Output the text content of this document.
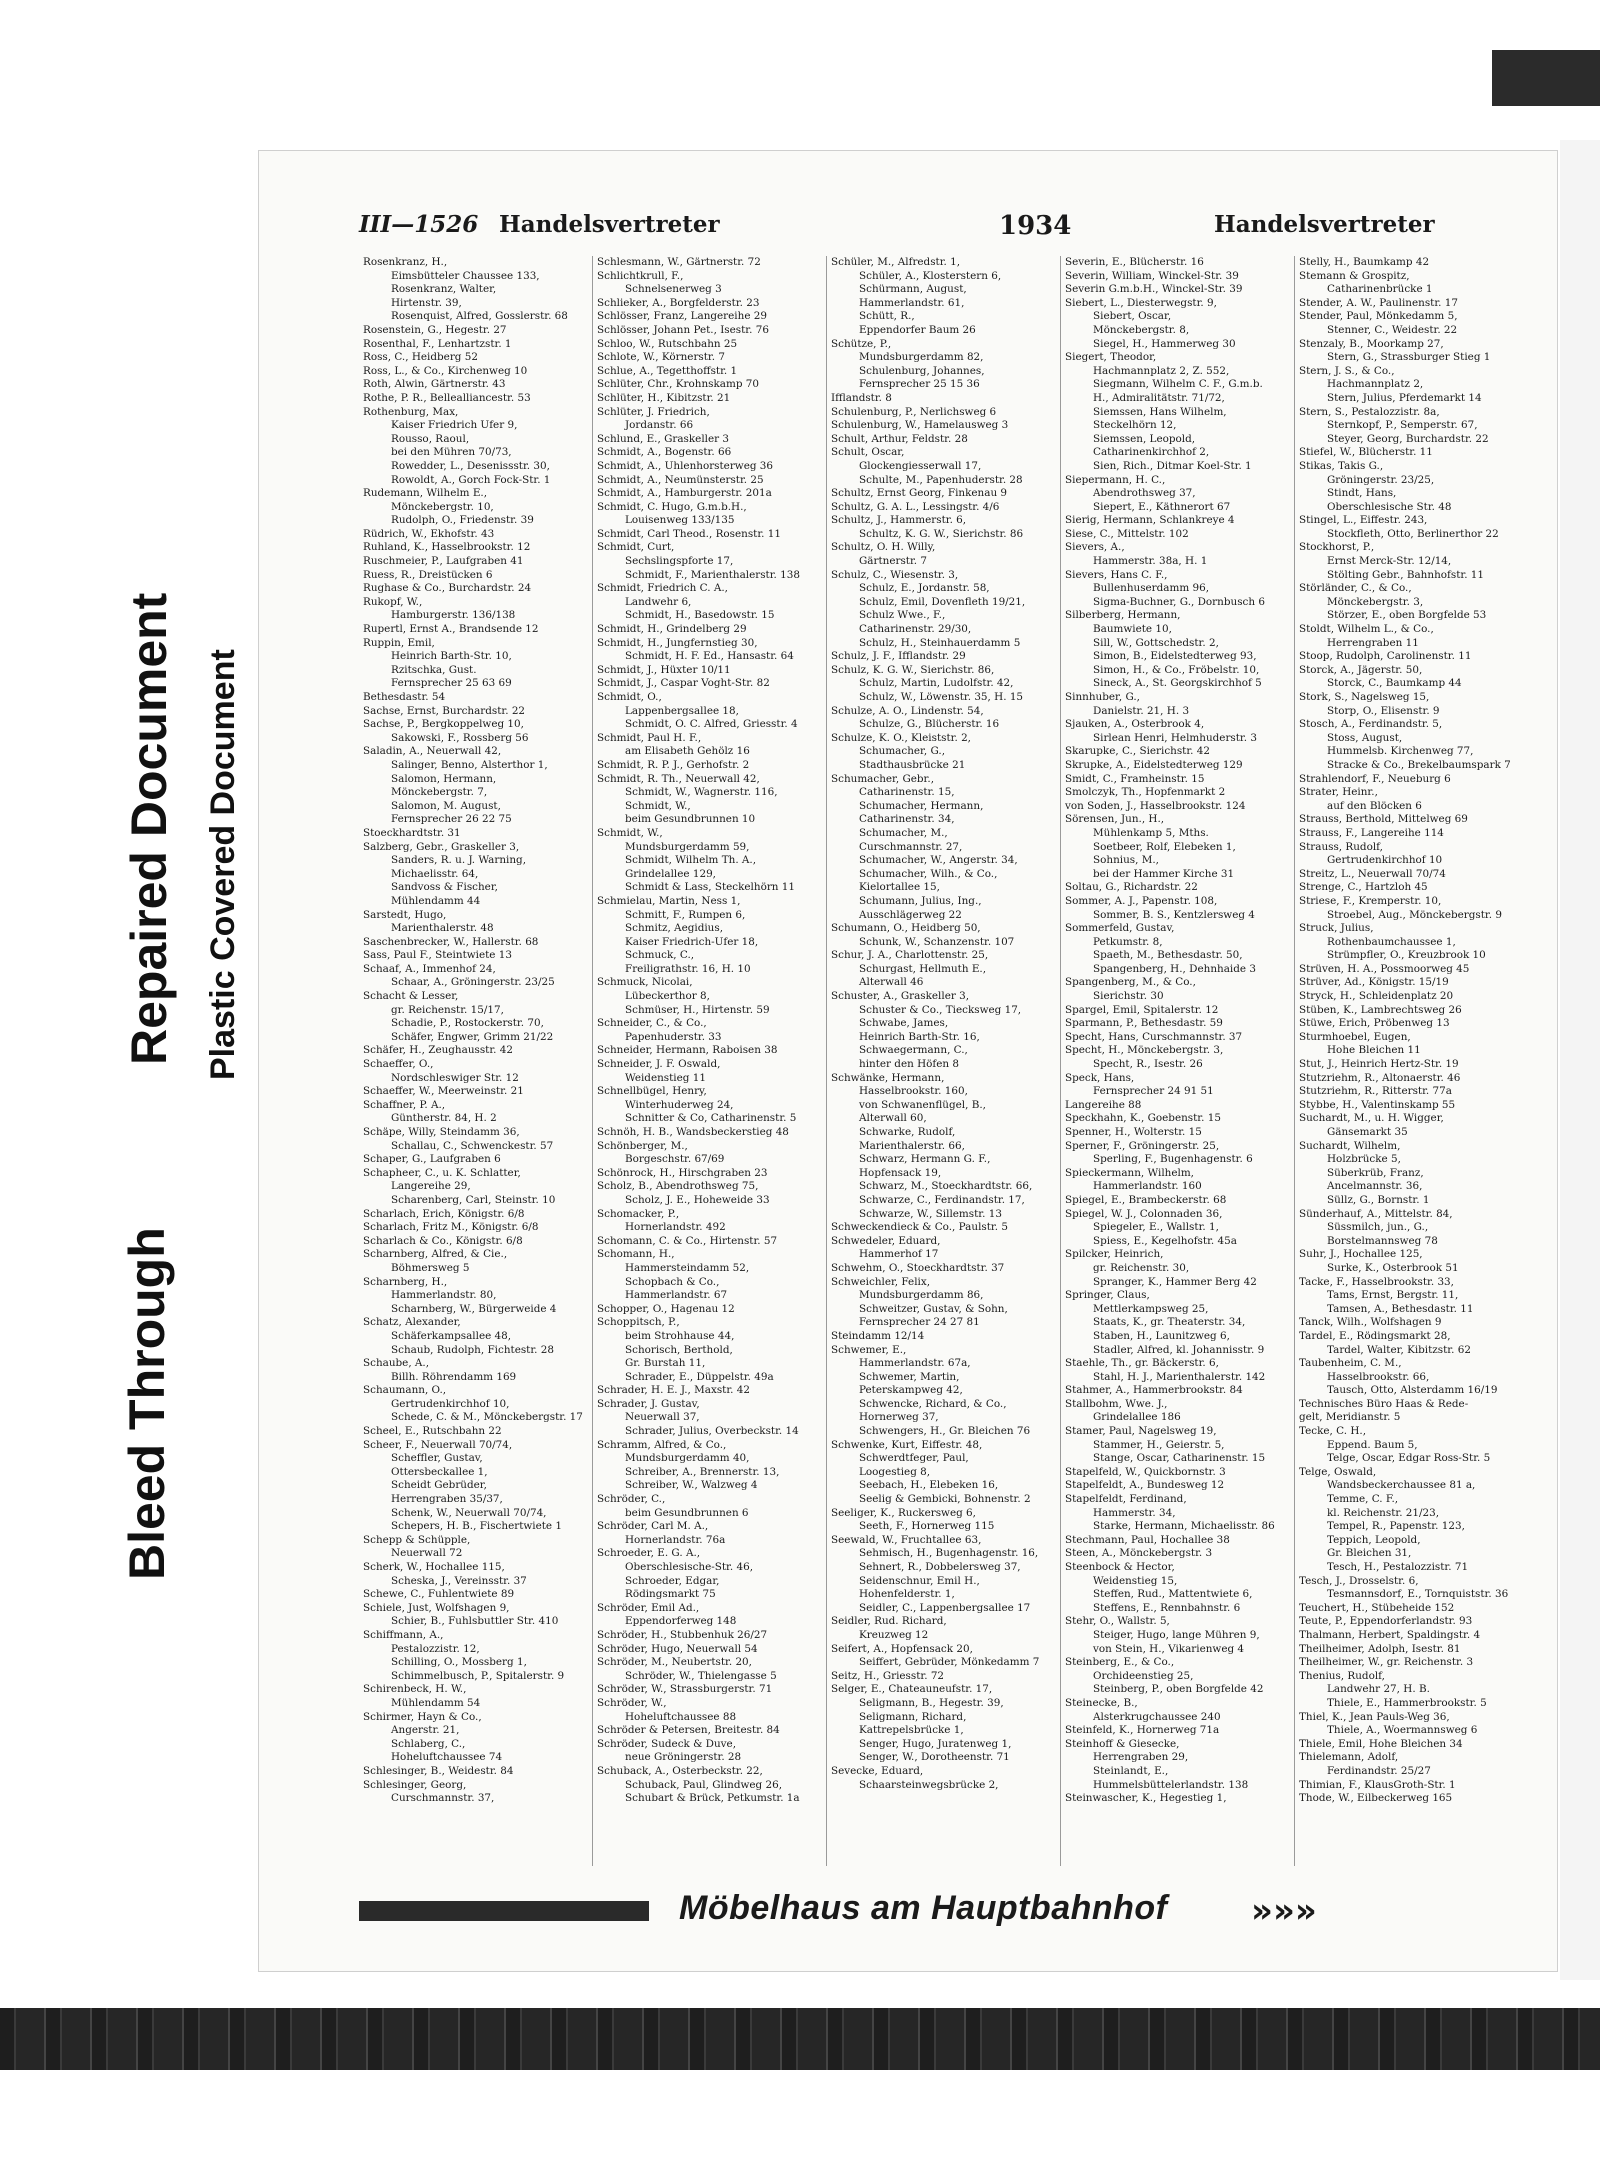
Bleed Through
Repaired Document Plastic Covered Document
III—1526 Handelsvertreter	1934	Handelsvertreter
Rosenkranz, H.,
Eimsbütteler Chaussee 133,
Rosenkranz, Walter,
Hirtenstr. 39,
Rosenquist, Alfred, Gosslerstr. 68
Rosenstein, G., Hegestr. 27
Rosenthal, F., Lenhartzstr. 1
Ross, C., Heidberg 52
Ross, L., & Co., Kirchenweg 10
Roth, Alwin, Gärtnerstr. 43
Rothe, P. R., Bellealliancestr. 53
Rothenburg, Max,
Kaiser Friedrich Ufer 9,
Rousso, Raoul,
bei den Mühren 70/73,
Rowedder, L., Desenissstr. 30,
Rowoldt, A., Gorch Fock-Str. 1
Rudemann, Wilhelm E.,
Mönckebergstr. 10,
Rudolph, O., Friedenstr. 39
Rüdrich, W., Ekhofstr. 43
Ruhland, K., Hasselbrookstr. 12
Ruschmeier, P., Laufgraben 41
Ruess, R., Dreistücken 6
Rughase & Co., Burchardstr. 24
Rukopf, W.,
Hamburgerstr. 136/138
Rupertl, Ernst A., Brandsende 12
Ruppin, Emil,
Heinrich Barth-Str. 10,
Rzitschka, Gust.
Fernsprecher 25 63 69
Bethesdastr. 54
Sachse, Ernst, Burchardstr. 22
Sachse, P., Bergkoppelweg 10,
Sakowski, F., Rossberg 56
Saladin, A., Neuerwall 42,
Salinger, Benno, Alsterthor 1,
Salomon, Hermann,
Mönckebergstr. 7,
Salomon, M. August,
Fernsprecher 26 22 75
Stoeckhardtstr. 31
Salzberg, Gebr., Graskeller 3,
Sanders, R. u. J. Warning,
Michaelisstr. 64,
Sandvoss & Fischer,
Mühlendamm 44
Sarstedt, Hugo,
Marienthalerstr. 48
Saschenbrecker, W., Hallerstr. 68
Sass, Paul F., Steintwiete 13
Schaaf, A., Immenhof 24,
Schaar, A., Gröningerstr. 23/25
Schacht & Lesser,
gr. Reichenstr. 15/17,
Schadie, P., Rostockerstr. 70,
Schäfer, Engwer, Grimm 21/22
Schäfer, H., Zeughausstr. 42
Schaeffer, O.,
Nordschleswiger Str. 12
Schaeffer, W., Meerweinstr. 21
Schaffner, P. A.,
Güntherstr. 84, H. 2
Schäpe, Willy, Steindamm 36,
Schallau, C., Schwenckestr. 57
Schaper, G., Laufgraben 6
Schapheer, C., u. K. Schlatter,
Langereihe 29,
Scharenberg, Carl, Steinstr. 10
Scharlach, Erich, Königstr. 6/8
Scharlach, Fritz M., Königstr. 6/8
Scharlach & Co., Königstr. 6/8
Scharnberg, Alfred, & Cie.,
Böhmersweg 5
Scharnberg, H.,
Hammerlandstr. 80,
Scharnberg, W., Bürgerweide 4
Schatz, Alexander,
Schäferkampsallee 48,
Schaub, Rudolph, Fichtestr. 28
Schaube, A.,
Billh. Röhrendamm 169
Schaumann, O.,
Gertrudenkirchhof 10,
Schede, C. & M., Mönckebergstr. 17
Scheel, E., Rutschbahn 22
Scheer, F., Neuerwall 70/74,
Scheffler, Gustav,
Ottersbeckallee 1,
Scheidt Gebrüder,
Herrengraben 35/37,
Schenk, W., Neuerwall 70/74,
Schepers, H. B., Fischertwiete 1
Schepp & Schüpple,
Neuerwall 72
Scherk, W., Hochallee 115,
Scheska, J., Vereinsstr. 37
Schewe, C., Fuhlentwiete 89
Schiele, Just, Wolfshagen 9,
Schier, B., Fuhlsbuttler Str. 410
Schiffmann, A.,
Pestalozzistr. 12,
Schilling, O., Mossberg 1,
Schimmelbusch, P., Spitalerstr. 9
Schirenbeck, H. W.,
Mühlendamm 54
Schirmer, Hayn & Co.,
Angerstr. 21,
Schlaberg, C.,
Hoheluftchaussee 74
Schlesinger, B., Weidestr. 84
Schlesinger, Georg,
Curschmannstr. 37,
Schlesmann, W., Gärtnerstr. 72
Schlichtkrull, F.,
Schnelsenerweg 3
Schlieker, A., Borgfelderstr. 23
Schlösser, Franz, Langereihe 29
Schlösser, Johann Pet., Isestr. 76
Schloo, W., Rutschbahn 25
Schlote, W., Körnerstr. 7
Schlue, A., Tegetthoffstr. 1
Schlüter, Chr., Krohnskamp 70
Schlüter, H., Kibitzstr. 21
Schlüter, J. Friedrich,
Jordanstr. 66
Schlund, E., Graskeller 3
Schmidt, A., Bogenstr. 66
Schmidt, A., Uhlenhorsterweg 36
Schmidt, A., Neumünsterstr. 25
Schmidt, A., Hamburgerstr. 201a
Schmidt, C. Hugo, G.m.b.H.,
Louisenweg 133/135
Schmidt, Carl Theod., Rosenstr. 11
Schmidt, Curt,
Sechslingspforte 17,
Schmidt, F., Marienthalerstr. 138
Schmidt, Friedrich C. A.,
Landwehr 6,
Schmidt, H., Basedowstr. 15
Schmidt, H., Grindelberg 29
Schmidt, H., Jungfernstieg 30,
Schmidt, H. F. Ed., Hansastr. 64
Schmidt, J., Hüxter 10/11
Schmidt, J., Caspar Voght-Str. 82
Schmidt, O.,
Lappenbergsallee 18,
Schmidt, O. C. Alfred, Griesstr. 4
Schmidt, Paul H. F.,
am Elisabeth Gehölz 16
Schmidt, R. P. J., Gerhofstr. 2
Schmidt, R. Th., Neuerwall 42,
Schmidt, W., Wagnerstr. 116,
Schmidt, W.,
beim Gesundbrunnen 10
Schmidt, W.,
Mundsburgerdamm 59,
Schmidt, Wilhelm Th. A.,
Grindelallee 129,
Schmidt & Lass, Steckelhörn 11
Schmielau, Martin, Ness 1,
Schmitt, F., Rumpen 6,
Schmitz, Aegidius,
Kaiser Friedrich-Ufer 18,
Schmuck, C.,
Freiligrathstr. 16, H. 10
Schmuck, Nicolai,
Lübeckerthor 8,
Schmüser, H., Hirtenstr. 59
Schneider, C., & Co.,
Papenhuderstr. 33
Schneider, Hermann, Raboisen 38
Schneider, J. F. Oswald,
Weidenstieg 11
Schnellbügel, Henry,
Winterhuderweg 24,
Schnitter & Co, Catharinenstr. 5
Schnöh, H. B., Wandsbeckerstieg 48
Schönberger, M.,
Borgeschstr. 67/69
Schönrock, H., Hirschgraben 23
Scholz, B., Abendrothsweg 75,
Scholz, J. E., Hoheweide 33
Schomacker, P.,
Hornerlandstr. 492
Schomann, C. & Co., Hirtenstr. 57
Schomann, H.,
Hammersteindamm 52,
Schopbach & Co.,
Hammerlandstr. 67
Schopper, O., Hagenau 12
Schoppitsch, P.,
beim Strohhause 44,
Schorisch, Berthold,
Gr. Burstah 11,
Schrader, E., Düppelstr. 49a
Schrader, H. E. J., Maxstr. 42
Schrader, J. Gustav,
Neuerwall 37,
Schrader, Julius, Overbeckstr. 14
Schramm, Alfred, & Co.,
Mundsburgerdamm 40,
Schreiber, A., Brennerstr. 13,
Schreiber, W., Walzweg 4
Schröder, C.,
beim Gesundbrunnen 6
Schröder, Carl M. A.,
Hornerlandstr. 76a
Schroeder, E. G. A.,
Oberschlesische-Str. 46,
Schroeder, Edgar,
Rödingsmarkt 75
Schröder, Emil Ad.,
Eppendorferweg 148
Schröder, H., Stubbenhuk 26/27
Schröder, Hugo, Neuerwall 54
Schröder, M., Neubertstr. 20,
Schröder, W., Thielengasse 5
Schröder, W., Strassburgerstr. 71
Schröder, W.,
Hoheluftchaussee 88
Schröder & Petersen, Breitestr. 84
Schröder, Sudeck & Duve,
neue Gröningerstr. 28
Schuback, A., Osterbeckstr. 22,
Schuback, Paul, Glindweg 26,
Schubart & Brück, Petkumstr. 1a
Schüler, M., Alfredstr. 1,
Schüler, A., Klosterstern 6,
Schürmann, August,
Hammerlandstr. 61,
Schütt, R.,
Eppendorfer Baum 26
Schütze, P.,
Mundsburgerdamm 82,
Schulenburg, Johannes,
Fernsprecher 25 15 36
Ifflandstr. 8
Schulenburg, P., Nerlichsweg 6
Schulenburg, W., Hamelausweg 3
Schult, Arthur, Feldstr. 28
Schult, Oscar,
Glockengiesserwall 17,
Schulte, M., Papenhuderstr. 28
Schultz, Ernst Georg, Finkenau 9
Schultz, G. A. L., Lessingstr. 4/6
Schultz, J., Hammerstr. 6,
Schultz, K. G. W., Sierichstr. 86
Schultz, O. H. Willy,
Gärtnerstr. 7
Schulz, C., Wiesenstr. 3,
Schulz, E., Jordanstr. 58,
Schulz, Emil, Dovenfleth 19/21,
Schulz Wwe., F.,
Catharinenstr. 29/30,
Schulz, H., Steinhauerdamm 5
Schulz, J. F., Ifflandstr. 29
Schulz, K. G. W., Sierichstr. 86,
Schulz, Martin, Ludolfstr. 42,
Schulz, W., Löwenstr. 35, H. 15
Schulze, A. O., Lindenstr. 54,
Schulze, G., Blücherstr. 16
Schulze, K. O., Kleiststr. 2,
Schumacher, G.,
Stadthausbrücke 21
Schumacher, Gebr.,
Catharinenstr. 15,
Schumacher, Hermann,
Catharinenstr. 34,
Schumacher, M.,
Curschmannstr. 27,
Schumacher, W., Angerstr. 34,
Schumacher, Wilh., & Co.,
Kielortallee 15,
Schumann, Julius, Ing.,
Ausschlägerweg 22
Schumann, O., Heidberg 50,
Schunk, W., Schanzenstr. 107
Schur, J. A., Charlottenstr. 25,
Schurgast, Hellmuth E.,
Alterwall 46
Schuster, A., Graskeller 3,
Schuster & Co., Tiecksweg 17,
Schwabe, James,
Heinrich Barth-Str. 16,
Schwaegermann, C.,
hinter den Höfen 8
Schwänke, Hermann,
Hasselbrookstr. 160,
von Schwanenflügel, B.,
Alterwall 60,
Schwarke, Rudolf,
Marienthalerstr. 66,
Schwarz, Hermann G. F.,
Hopfensack 19,
Schwarz, M., Stoeckhardtstr. 66,
Schwarze, C., Ferdinandstr. 17,
Schwarze, W., Sillemstr. 13
Schweckendieck & Co., Paulstr. 5
Schwedeler, Eduard,
Hammerhof 17
Schwehm, O., Stoeckhardtstr. 37
Schweichler, Felix,
Mundsburgerdamm 86,
Schweitzer, Gustav, & Sohn,
Fernsprecher 24 27 81
Steindamm 12/14
Schwemer, E.,
Hammerlandstr. 67a,
Schwemer, Martin,
Peterskampweg 42,
Schwencke, Richard, & Co.,
Hornerweg 37,
Schwengers, H., Gr. Bleichen 76
Schwenke, Kurt, Eiffestr. 48,
Schwerdtfeger, Paul,
Loogestieg 8,
Seebach, H., Elebeken 16,
Seelig & Gembicki, Bohnenstr. 2
Seeliger, K., Ruckersweg 6,
Seeth, F., Hornerweg 115
Seewald, W., Fruchtallee 63,
Sehmisch, H., Bugenhagenstr. 16,
Sehnert, R., Dobbelersweg 37,
Seidenschnur, Emil H.,
Hohenfelderstr. 1,
Seidler, C., Lappenbergsallee 17
Seidler, Rud. Richard,
Kreuzweg 12
Seifert, A., Hopfensack 20,
Seiffert, Gebrüder, Mönkedamm 7
Seitz, H., Griesstr. 72
Selger, E., Chateauneufstr. 17,
Seligmann, B., Hegestr. 39,
Seligmann, Richard,
Kattrepelsbrücke 1,
Senger, Hugo, Juratenweg 1,
Senger, W., Dorotheenstr. 71
Sevecke, Eduard,
Schaarsteinwegsbrücke 2,
Severin, E., Blücherstr. 16
Severin, William, Winckel-Str. 39
Severin G.m.b.H., Winckel-Str. 39
Siebert, L., Diesterwegstr. 9,
Siebert, Oscar,
Mönckebergstr. 8,
Siegel, H., Hammerweg 30
Siegert, Theodor,
Hachmannplatz 2, Z. 552,
Siegmann, Wilhelm C. F., G.m.b.
H., Admiralitätstr. 71/72,
Siemssen, Hans Wilhelm,
Steckelhörn 12,
Siemssen, Leopold,
Catharinenkirchhof 2,
Sien, Rich., Ditmar Koel-Str. 1
Siepermann, H. C.,
Abendrothsweg 37,
Siepert, E., Käthnerort 67
Sierig, Hermann, Schlankreye 4
Siese, C., Mittelstr. 102
Sievers, A.,
Hammerstr. 38a, H. 1
Sievers, Hans C. F.,
Bullenhuserdamm 96,
Sigma-Buchner, G., Dornbusch 6
Silberberg, Hermann,
Baumwiete 10,
Sill, W., Gottschedstr. 2,
Simon, B., Eidelstedterweg 93,
Simon, H., & Co., Fröbelstr. 10,
Sineck, A., St. Georgskirchhof 5
Sinnhuber, G.,
Danielstr. 21, H. 3
Sjauken, A., Osterbrook 4,
Sirlean Henri, Helmhuderstr. 3
Skarupke, C., Sierichstr. 42
Skrupke, A., Eidelstedterweg 129
Smidt, C., Framheinstr. 15
Smolczyk, Th., Hopfenmarkt 2
von Soden, J., Hasselbrookstr. 124
Sörensen, Jun., H.,
Mühlenkamp 5, Mths.
Soetbeer, Rolf, Elebeken 1,
Sohnius, M.,
bei der Hammer Kirche 31
Soltau, G., Richardstr. 22
Sommer, A. J., Papenstr. 108,
Sommer, B. S., Kentzlersweg 4
Sommerfeld, Gustav,
Petkumstr. 8,
Spaeth, M., Bethesdastr. 50,
Spangenberg, H., Dehnhaide 3
Spangenberg, M., & Co.,
Sierichstr. 30
Spargel, Emil, Spitalerstr. 12
Sparmann, P., Bethesdastr. 59
Specht, Hans, Curschmannstr. 37
Specht, H., Mönckebergstr. 3,
Specht, R., Isestr. 26
Speck, Hans,
Fernsprecher 24 91 51
Langereihe 88
Speckhahn, K., Goebenstr. 15
Spenner, H., Wolterstr. 15
Sperner, F., Gröningerstr. 25,
Sperling, F., Bugenhagenstr. 6
Spieckermann, Wilhelm,
Hammerlandstr. 160
Spiegel, E., Brambeckerstr. 68
Spiegel, W. J., Colonnaden 36,
Spiegeler, E., Wallstr. 1,
Spiess, E., Kegelhofstr. 45a
Spilcker, Heinrich,
gr. Reichenstr. 30,
Spranger, K., Hammer Berg 42
Springer, Claus,
Mettlerkampsweg 25,
Staats, K., gr. Theaterstr. 34,
Staben, H., Launitzweg 6,
Stadler, Alfred, kl. Johannisstr. 9
Staehle, Th., gr. Bäckerstr. 6,
Stahl, H. J., Marienthalerstr. 142
Stahmer, A., Hammerbrookstr. 84
Stallbohm, Wwe. J.,
Grindelallee 186
Stamer, Paul, Nagelsweg 19,
Stammer, H., Geierstr. 5,
Stange, Oscar, Catharinenstr. 15
Stapelfeld, W., Quickbornstr. 3
Stapelfeldt, A., Bundesweg 12
Stapelfeldt, Ferdinand,
Hammerstr. 34,
Starke, Hermann, Michaelisstr. 86
Stechmann, Paul, Hochallee 38
Steen, A., Mönckebergstr. 3
Steenbock & Hector,
Weidenstieg 15,
Steffen, Rud., Mattentwiete 6,
Steffens, E., Rennbahnstr. 6
Stehr, O., Wallstr. 5,
Steiger, Hugo, lange Mühren 9,
von Stein, H., Vikarienweg 4
Steinberg, E., & Co.,
Orchideenstieg 25,
Steinberg, P., oben Borgfelde 42
Steinecke, B.,
Alsterkrugchaussee 240
Steinfeld, K., Hornerweg 71a
Steinhoff & Giesecke,
Herrengraben 29,
Steinlandt, E.,
Hummelsbüttelerlandstr. 138
Steinwascher, K., Hegestieg 1,
Stelly, H., Baumkamp 42
Stemann & Grospitz,
Catharinenbrücke 1
Stender, A. W., Paulinenstr. 17
Stender, Paul, Mönkedamm 5,
Stenner, C., Weidestr. 22
Stenzaly, B., Moorkamp 27,
Stern, G., Strassburger Stieg 1
Stern, J. S., & Co.,
Hachmannplatz 2,
Stern, Julius, Pferdemarkt 14
Stern, S., Pestalozzistr. 8a,
Sternkopf, P., Semperstr. 67,
Steyer, Georg, Burchardstr. 22
Stiefel, W., Blücherstr. 11
Stikas, Takis G.,
Gröningerstr. 23/25,
Stindt, Hans,
Oberschlesische Str. 48
Stingel, L., Eiffestr. 243,
Stockfleth, Otto, Berlinerthor 22
Stockhorst, P.,
Ernst Merck-Str. 12/14,
Stölting Gebr., Bahnhofstr. 11
Störländer, C., & Co.,
Mönckebergstr. 3,
Störzer, E., oben Borgfelde 53
Stoldt, Wilhelm L., & Co.,
Herrengraben 11
Stoop, Rudolph, Carolinenstr. 11
Storck, A., Jägerstr. 50,
Storck, C., Baumkamp 44
Stork, S., Nagelsweg 15,
Storp, O., Elisenstr. 9
Stosch, A., Ferdinandstr. 5,
Stoss, August,
Hummelsb. Kirchenweg 77,
Stracke & Co., Brekelbaumspark 7
Strahlendorf, F., Neueburg 6
Strater, Heinr.,
auf den Blöcken 6
Strauss, Berthold, Mittelweg 69
Strauss, F., Langereihe 114
Strauss, Rudolf,
Gertrudenkirchhof 10
Streitz, L., Neuerwall 70/74
Strenge, C., Hartzloh 45
Striese, F., Kremperstr. 10,
Stroebel, Aug., Mönckebergstr. 9
Struck, Julius,
Rothenbaumchaussee 1,
Strümpfler, O., Kreuzbrook 10
Strüven, H. A., Possmoorweg 45
Strüver, Ad., Königstr. 15/19
Stryck, H., Schleidenplatz 20
Stüben, K., Lambrechtsweg 26
Stüwe, Erich, Pröbenweg 13
Sturmhoebel, Eugen,
Hohe Bleichen 11
Stut, J., Heinrich Hertz-Str. 19
Stutzriehm, R., Altonaerstr. 46
Stutzriehm, R., Ritterstr. 77a
Stybbe, H., Valentinskamp 55
Suchardt, M., u. H. Wigger,
Gänsemarkt 35
Suchardt, Wilhelm,
Holzbrücke 5,
Süberkrüb, Franz,
Ancelmannstr. 36,
Süllz, G., Bornstr. 1
Sünderhauf, A., Mittelstr. 84,
Süssmilch, jun., G.,
Borstelmannsweg 78
Suhr, J., Hochallee 125,
Surke, K., Osterbrook 51
Tacke, F., Hasselbrookstr. 33,
Tams, Ernst, Bergstr. 11,
Tamsen, A., Bethesdastr. 11
Tanck, Wilh., Wolfshagen 9
Tardel, E., Rödingsmarkt 28,
Tardel, Walter, Kibitzstr. 62
Taubenheim, C. M.,
Hasselbrookstr. 66,
Tausch, Otto, Alsterdamm 16/19
Technisches Büro Haas & Rede-
gelt, Meridianstr. 5
Tecke, C. H.,
Eppend. Baum 5,
Telge, Oscar, Edgar Ross-Str. 5
Telge, Oswald,
Wandsbeckerchaussee 81 a,
Temme, C. F.,
kl. Reichenstr. 21/23,
Tempel, R., Papenstr. 123,
Teppich, Leopold,
Gr. Bleichen 31,
Tesch, H., Pestalozzistr. 71
Tesch, J., Drosselstr. 6,
Tesmannsdorf, E., Tornquiststr. 36
Teuchert, H., Stübeheide 152
Teute, P., Eppendorferlandstr. 93
Thalmann, Herbert, Spaldingstr. 4
Theilheimer, Adolph, Isestr. 81
Theilheimer, W., gr. Reichenstr. 3
Thenius, Rudolf,
Landwehr 27, H. B.
Thiele, E., Hammerbrookstr. 5
Thiel, K., Jean Pauls-Weg 36,
Thiele, A., Woermannsweg 6
Thiele, Emil, Hohe Bleichen 34
Thielemann, Adolf,
Ferdinandstr. 25/27
Thimian, F., KlausGroth-Str. 1
Thode, W., Eilbeckerweg 165
Möbelhaus am Hauptbahnhof »»»
